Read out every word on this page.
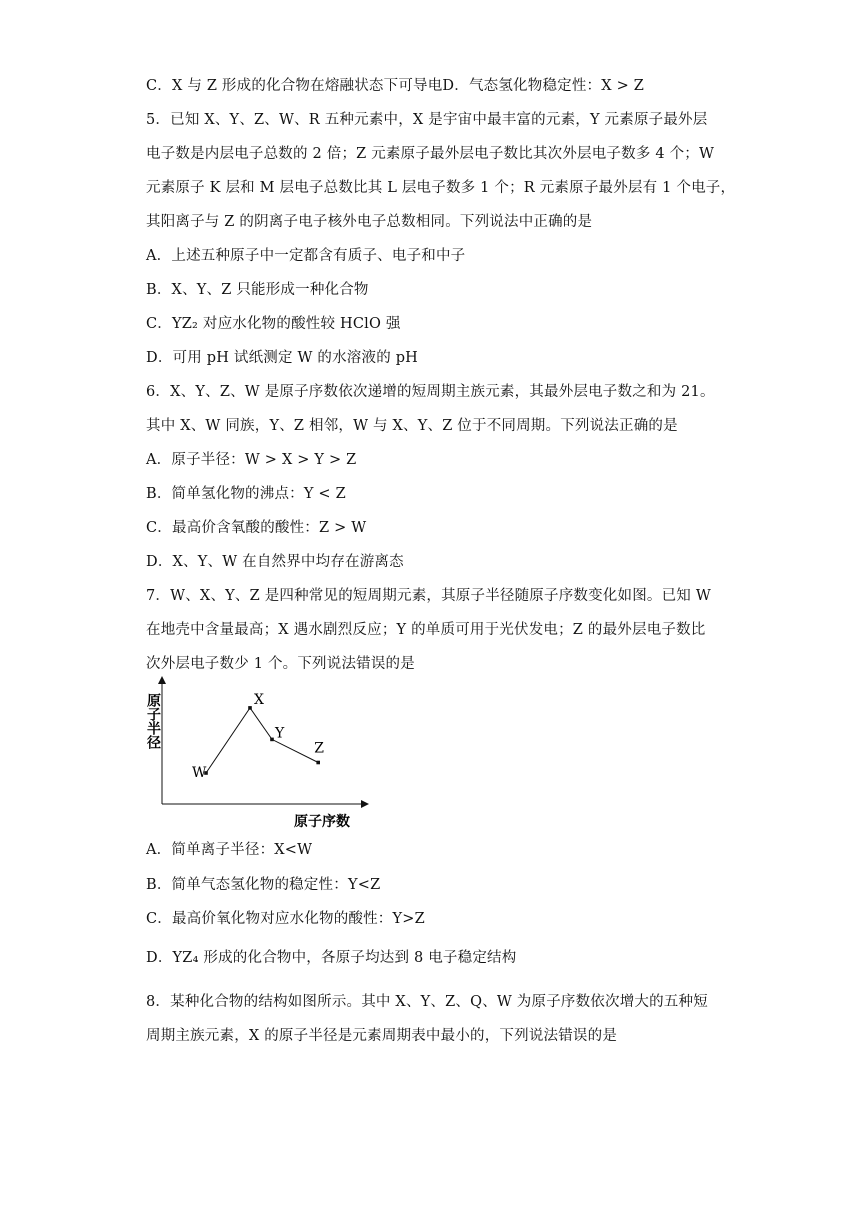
C．X 与 Z 形成的化合物在熔融状态下可导电D．气态氢化物稳定性：X > Z
5．已知 X、Y、Z、W、R 五种元素中，X 是宇宙中最丰富的元素，Y 元素原子最外层
电子数是内层电子总数的 2 倍；Z 元素原子最外层电子数比其次外层电子数多 4 个；W
元素原子 K 层和 M 层电子总数比其 L 层电子数多 1 个；R 元素原子最外层有 1 个电子，
其阳离子与 Z 的阴离子电子核外电子总数相同。下列说法中正确的是
A．上述五种原子中一定都含有质子、电子和中子
B．X、Y、Z 只能形成一种化合物
C．YZ₂ 对应水化物的酸性较 HClO 强
D．可用 pH 试纸测定 W 的水溶液的 pH
6．X、Y、Z、W 是原子序数依次递增的短周期主族元素，其最外层电子数之和为 21。
其中 X、W 同族，Y、Z 相邻，W 与 X、Y、Z 位于不同周期。下列说法正确的是
A．原子半径：W > X > Y > Z
B．简单氢化物的沸点：Y < Z
C．最高价含氧酸的酸性：Z > W
D．X、Y、W 在自然界中均存在游离态
7．W、X、Y、Z 是四种常见的短周期元素，其原子半径随原子序数变化如图。已知 W
在地壳中含量最高；X 遇水剧烈反应；Y 的单质可用于光伏发电；Z 的最外层电子数比
次外层电子数少 1 个。下列说法错误的是
原子半径
原子序数
W
X
Y
Z
A．简单离子半径：X<W
B．简单气态氢化物的稳定性：Y<Z
C．最高价氧化物对应水化物的酸性：Y>Z
D．YZ₄ 形成的化合物中，各原子均达到 8 电子稳定结构
8．某种化合物的结构如图所示。其中 X、Y、Z、Q、W 为原子序数依次增大的五种短
周期主族元素，X 的原子半径是元素周期表中最小的，下列说法错误的是
